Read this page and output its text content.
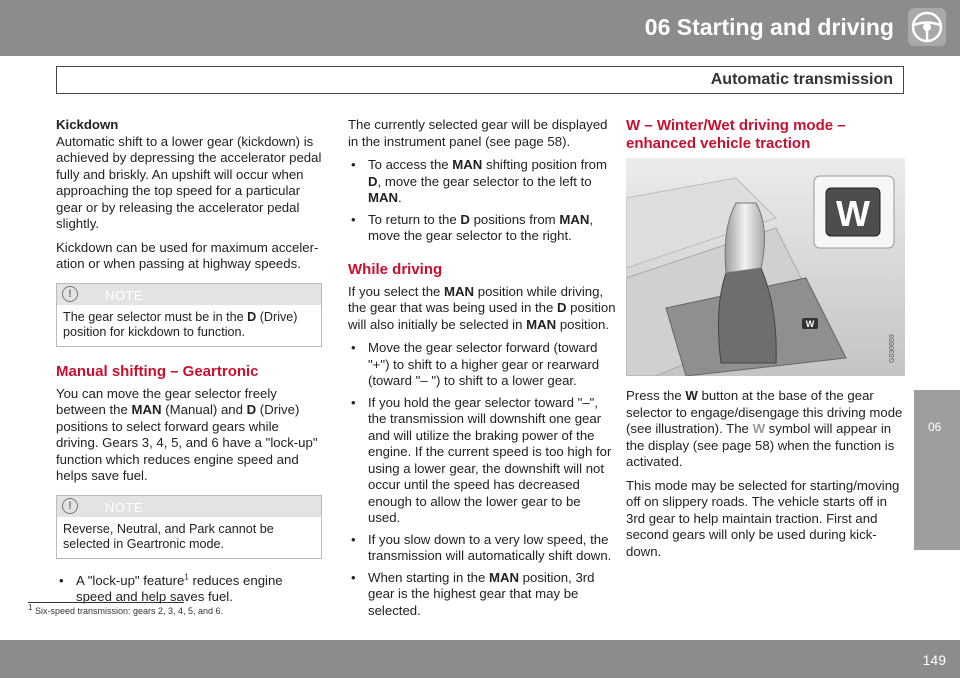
06 Starting and driving
Automatic transmission
06
Kickdown

Automatic shift to a lower gear (kickdown) is achieved by depressing the accelerator pedal fully and briskly. An upshift will occur when approaching the top speed for a particular gear or by releasing the accelerator pedal slightly.

Kickdown can be used for maximum acceler-ation or when passing at highway speeds.

!	NOTE
The gear selector must be in the D (Drive) position for kickdown to function.
Manual shifting – Geartronic

You can move the gear selector freely between the MAN (Manual) and D (Drive) positions to select forward gears while driving. Gears 3, 4, 5, and 6 have a "lock-up" function which reduces engine speed and helps save fuel.

!	NOTE
Reverse, Neutral, and Park cannot be selected in Geartronic mode.
• A "lock-up" feature$^1$ reduces engine speed and help saves fuel.

The currently selected gear will be displayed in the instrument panel (see page 58).

• To access the MAN shifting position from D, move the gear selector to the left to MAN.
• To return to the D positions from MAN, move the gear selector to the right.
While driving

If you select the MAN position while driving, the gear that was being used in the D position will also initially be selected in MAN position.

• Move the gear selector forward (toward "+") to shift to a higher gear or rearward (toward "– ") to shift to a lower gear.
• If you hold the gear selector toward "–", the transmission will downshift one gear and will utilize the braking power of the engine. If the current speed is too high for using a lower gear, the downshift will not occur until the speed has decreased enough to allow the lower gear to be used.
• If you slow down to a very low speed, the transmission will automatically shift down.
• When starting in the MAN position, 3rd gear is the highest gear that may be selected.
W – Winter/Wet driving mode – enhanced vehicle traction
W
W
G030659

Press the W button at the base of the gear selector to engage/disengage this driving mode (see illustration). The W symbol will appear in the display (see page 58) when the function is activated.

This mode may be selected for starting/moving off on slippery roads. The vehicle starts off in 3rd gear to help maintain traction. First and second gears will only be used during kick-down.

$^1$ Six-speed transmission: gears 2, 3, 4, 5, and 6.
149
